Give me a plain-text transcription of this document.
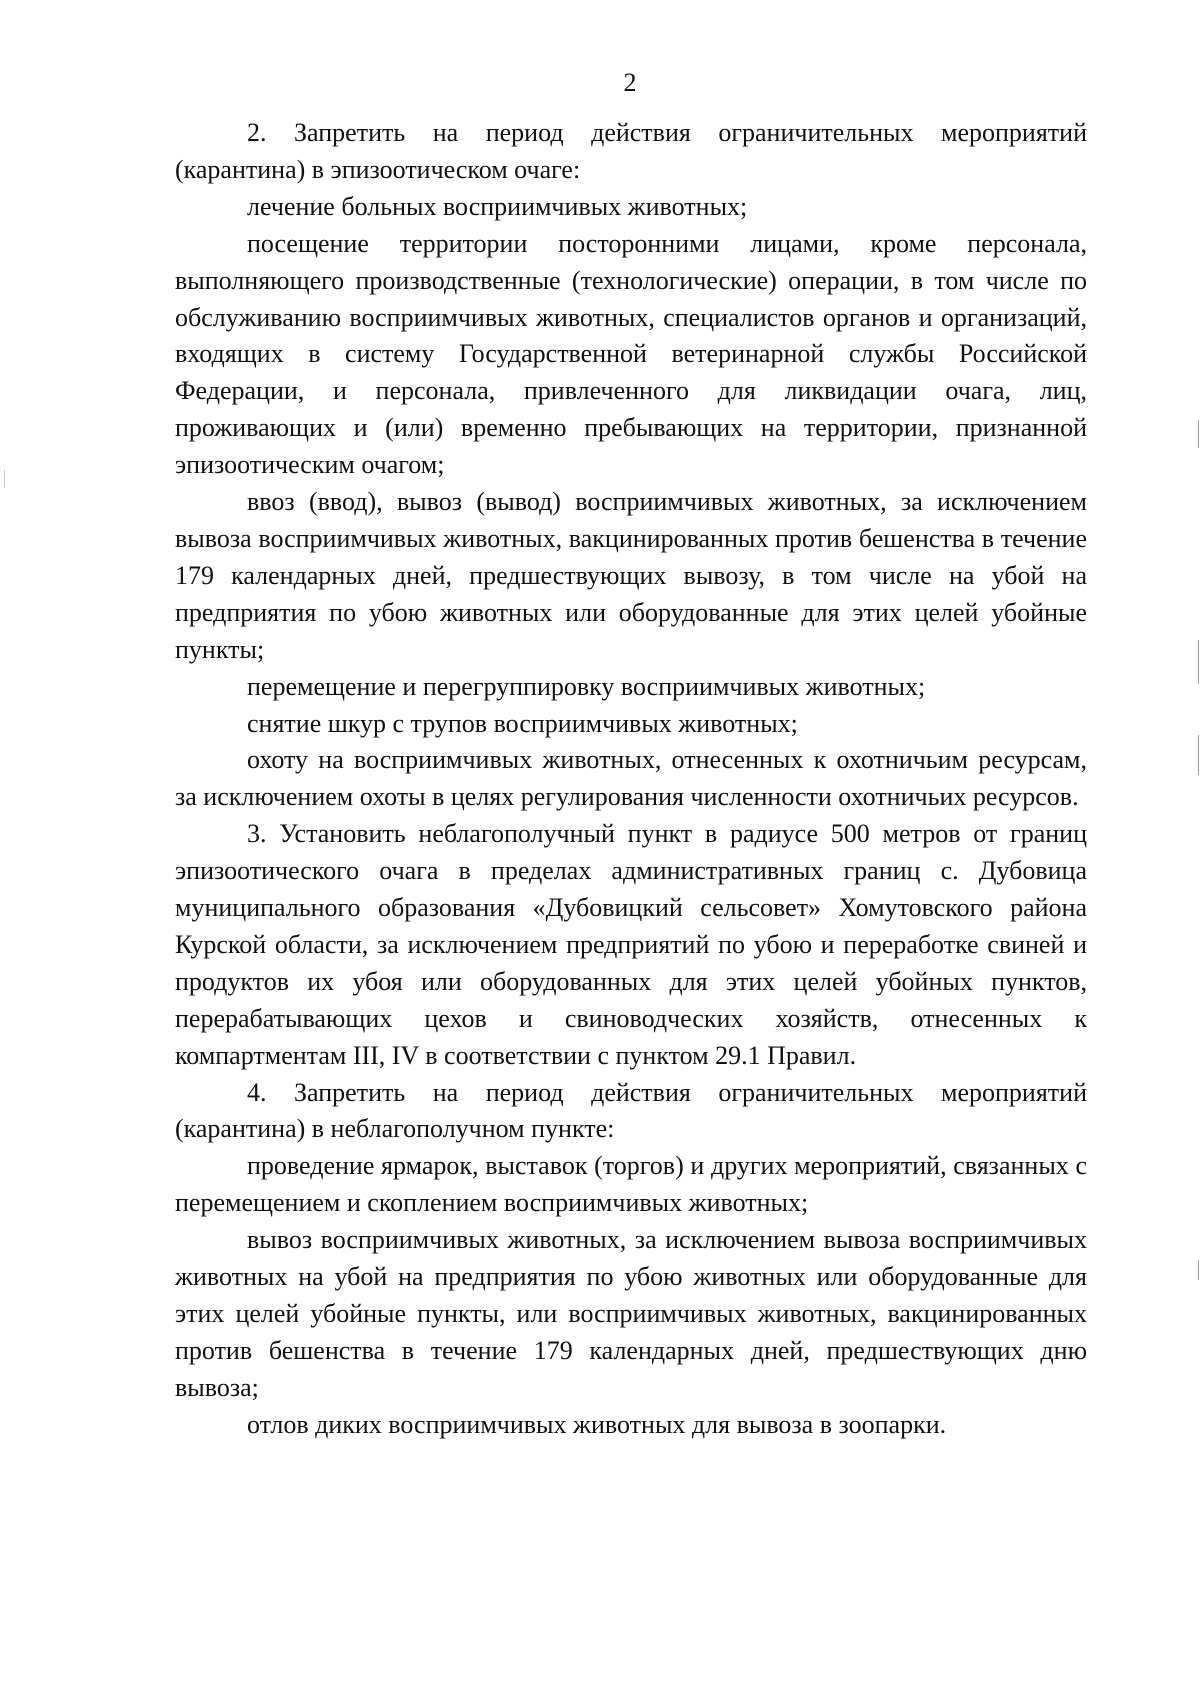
2

2. Запретить на период действия ограничительных мероприятий (карантина) в эпизоотическом очаге:

лечение больных восприимчивых животных;

посещение территории посторонними лицами, кроме персонала, выполняющего производственные (технологические) операции, в том числе по обслуживанию восприимчивых животных, специалистов органов и организаций, входящих в систему Государственной ветеринарной службы Российской Федерации, и персонала, привлеченного для ликвидации очага, лиц, проживающих и (или) временно пребывающих на территории, признанной эпизоотическим очагом;

ввоз (ввод), вывоз (вывод) восприимчивых животных, за исключением вывоза восприимчивых животных, вакцинированных против бешенства в течение 179 календарных дней, предшествующих вывозу, в том числе на убой на предприятия по убою животных или оборудованные для этих целей убойные пункты;

перемещение и перегруппировку восприимчивых животных;

снятие шкур с трупов восприимчивых животных;

охоту на восприимчивых животных, отнесенных к охотничьим ресурсам, за исключением охоты в целях регулирования численности охотничьих ресурсов.

3. Установить неблагополучный пункт в радиусе 500 метров от границ эпизоотического очага в пределах административных границ с. Дубовица муниципального образования «Дубовицкий сельсовет» Хомутовского района Курской области, за исключением предприятий по убою и переработке свиней и продуктов их убоя или оборудованных для этих целей убойных пунктов, перерабатывающих цехов и свиноводческих хозяйств, отнесенных к компартментам III, IV в соответствии с пунктом 29.1 Правил.

4. Запретить на период действия ограничительных мероприятий (карантина) в неблагополучном пункте:

проведение ярмарок, выставок (торгов) и других мероприятий, связанных с перемещением и скоплением восприимчивых животных;

вывоз восприимчивых животных, за исключением вывоза восприимчивых животных на убой на предприятия по убою животных или оборудованные для этих целей убойные пункты, или восприимчивых животных, вакцинированных против бешенства в течение 179 календарных дней, предшествующих дню вывоза;

отлов диких восприимчивых животных для вывоза в зоопарки.
